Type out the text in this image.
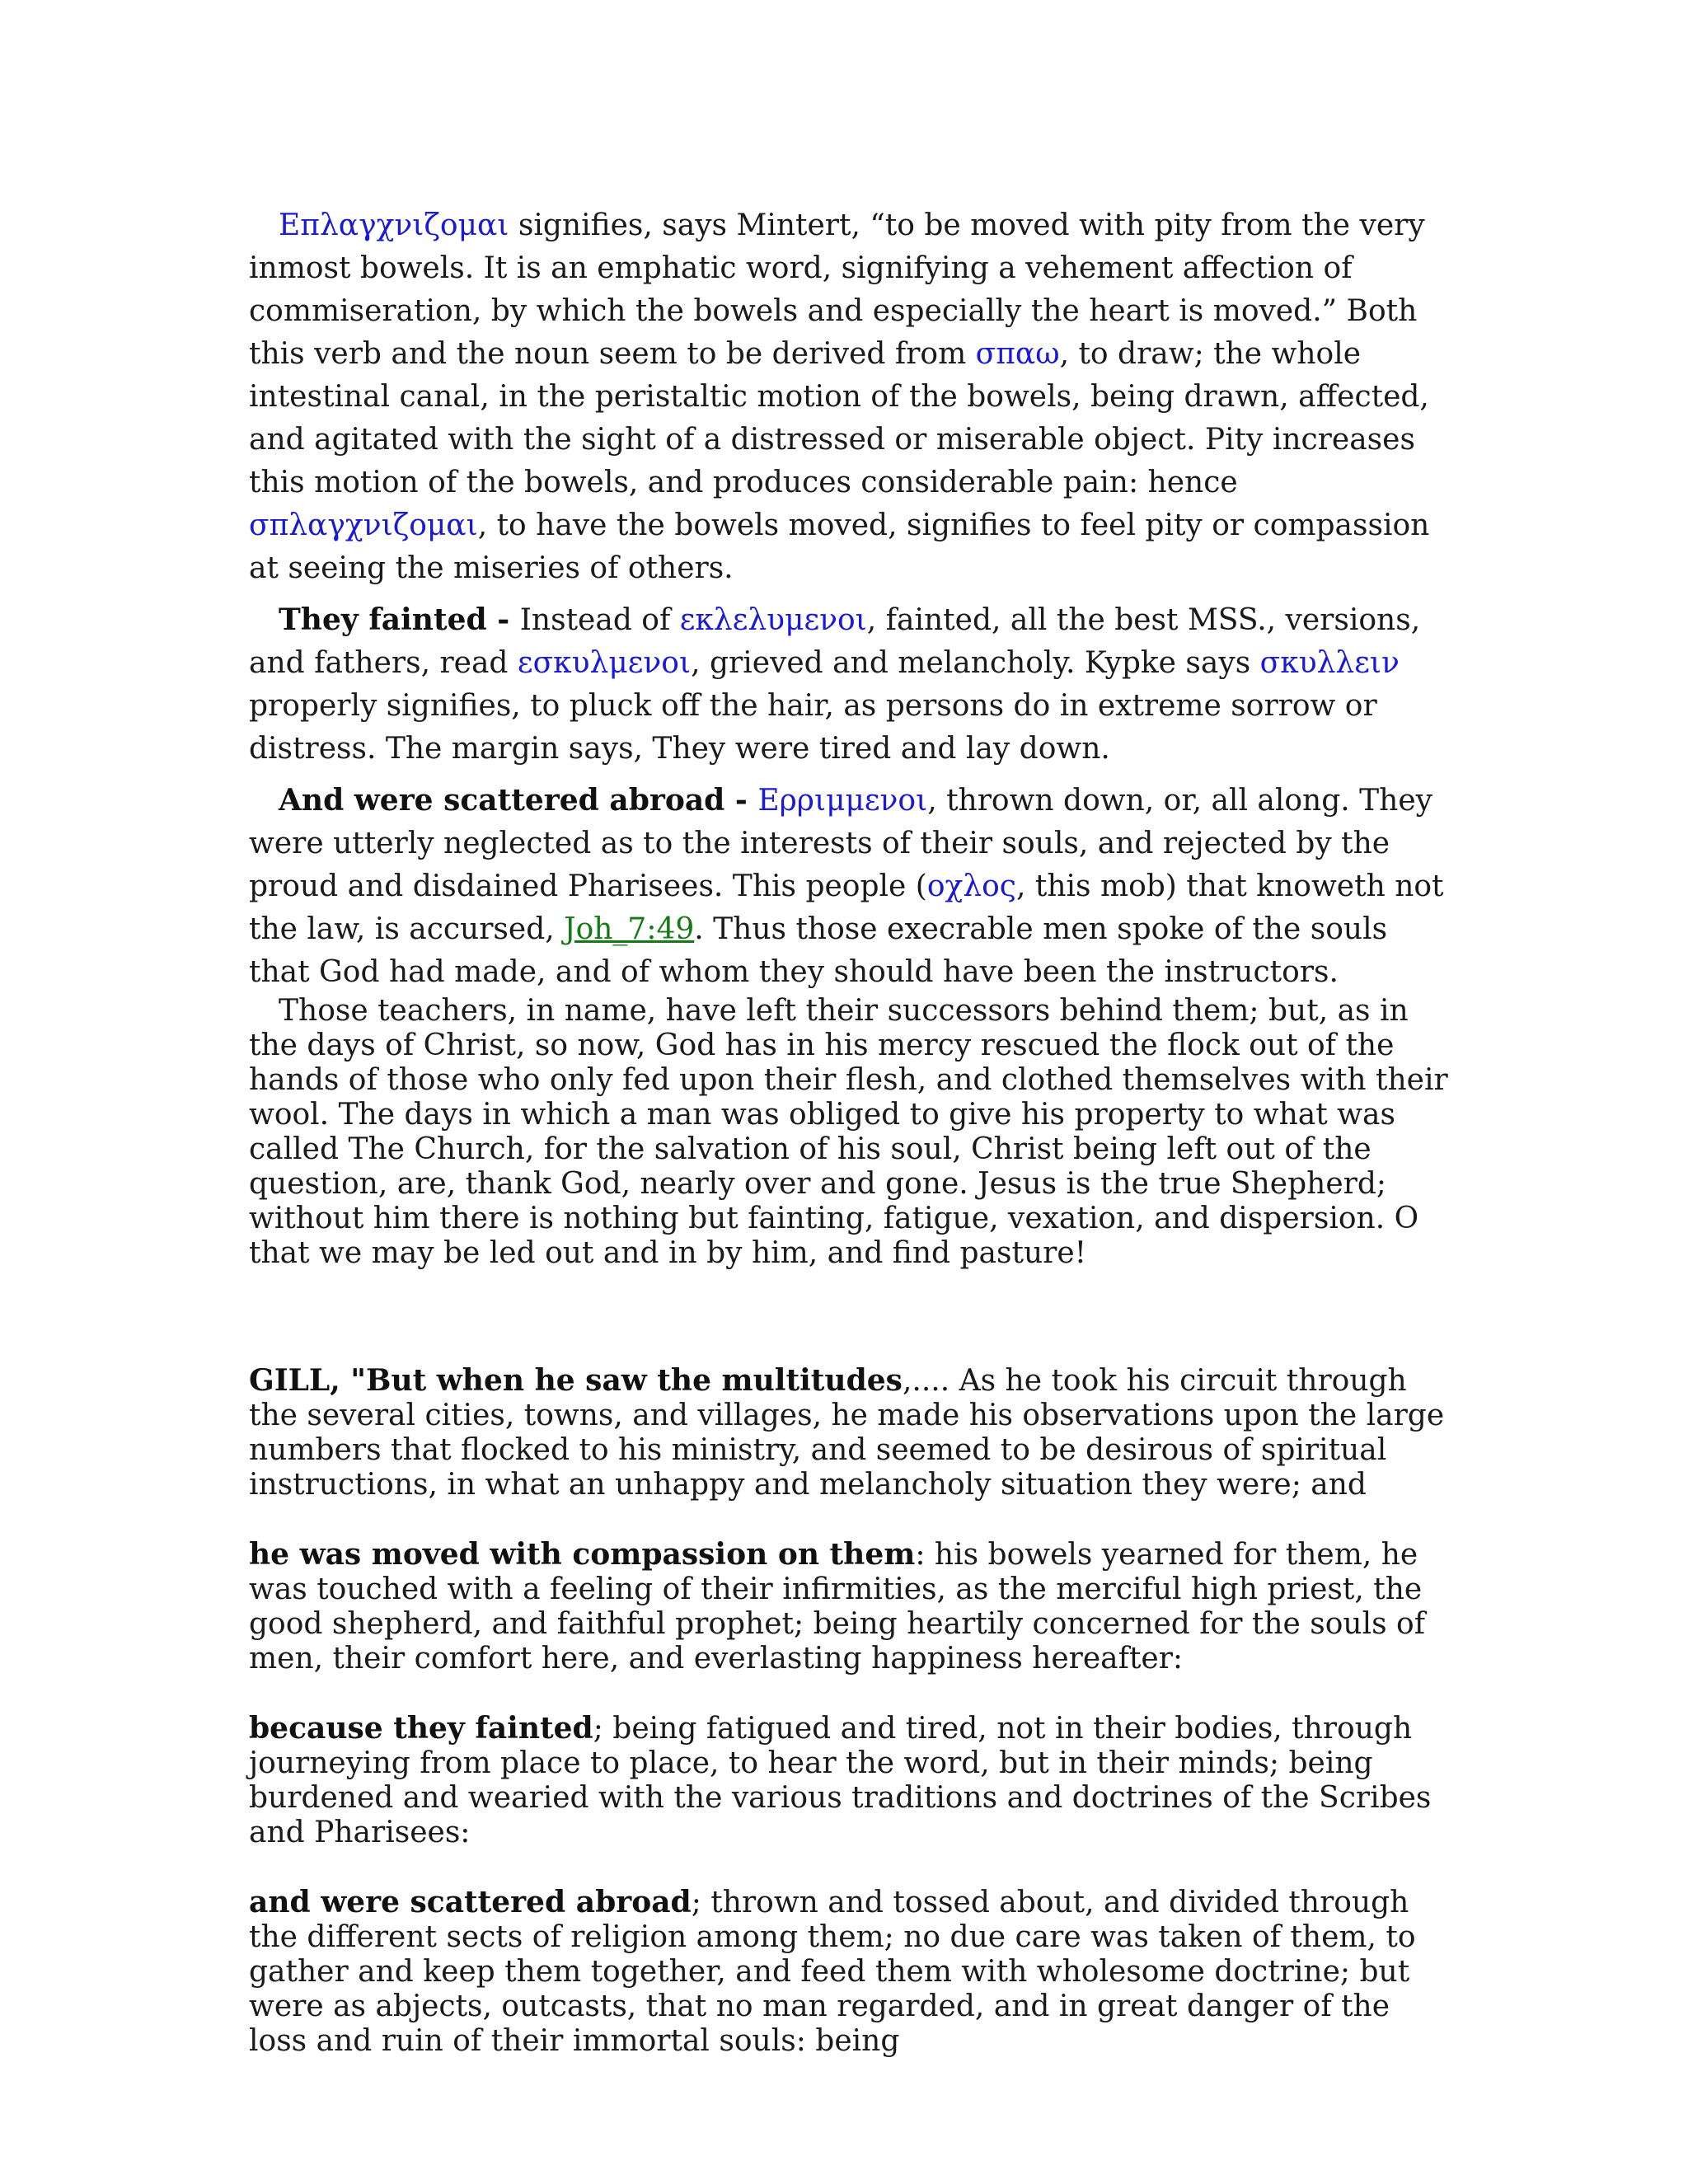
Επλαγχνιζομαι signifies, says Mintert, “to be moved with pity from the very inmost bowels. It is an emphatic word, signifying a vehement affection of commiseration, by which the bowels and especially the heart is moved.” Both this verb and the noun seem to be derived from σπαω, to draw; the whole intestinal canal, in the peristaltic motion of the bowels, being drawn, affected, and agitated with the sight of a distressed or miserable object. Pity increases this motion of the bowels, and produces considerable pain: hence σπλαγχνιζομαι, to have the bowels moved, signifies to feel pity or compassion at seeing the miseries of others.

They fainted - Instead of εκλελυμενοι, fainted, all the best MSS., versions, and fathers, read εσκυλμενοι, grieved and melancholy. Kypke says σκυλλειν properly signifies, to pluck off the hair, as persons do in extreme sorrow or distress. The margin says, They were tired and lay down.

And were scattered abroad - Ερριμμενοι, thrown down, or, all along. They were utterly neglected as to the interests of their souls, and rejected by the proud and disdained Pharisees. This people (οχλος, this mob) that knoweth not the law, is accursed, Joh_7:49. Thus those execrable men spoke of the souls that God had made, and of whom they should have been the instructors.

Those teachers, in name, have left their successors behind them; but, as in the days of Christ, so now, God has in his mercy rescued the flock out of the hands of those who only fed upon their flesh, and clothed themselves with their wool. The days in which a man was obliged to give his property to what was called The Church, for the salvation of his soul, Christ being left out of the question, are, thank God, nearly over and gone. Jesus is the true Shepherd; without him there is nothing but fainting, fatigue, vexation, and dispersion. O that we may be led out and in by him, and find pasture!

GILL, "But when he saw the multitudes,.... As he took his circuit through the several cities, towns, and villages, he made his observations upon the large numbers that flocked to his ministry, and seemed to be desirous of spiritual instructions, in what an unhappy and melancholy situation they were; and

he was moved with compassion on them: his bowels yearned for them, he was touched with a feeling of their infirmities, as the merciful high priest, the good shepherd, and faithful prophet; being heartily concerned for the souls of men, their comfort here, and everlasting happiness hereafter:

because they fainted; being fatigued and tired, not in their bodies, through journeying from place to place, to hear the word, but in their minds; being burdened and wearied with the various traditions and doctrines of the Scribes and Pharisees:

and were scattered abroad; thrown and tossed about, and divided through the different sects of religion among them; no due care was taken of them, to gather and keep them together, and feed them with wholesome doctrine; but were as abjects, outcasts, that no man regarded, and in great danger of the loss and ruin of their immortal souls: being
